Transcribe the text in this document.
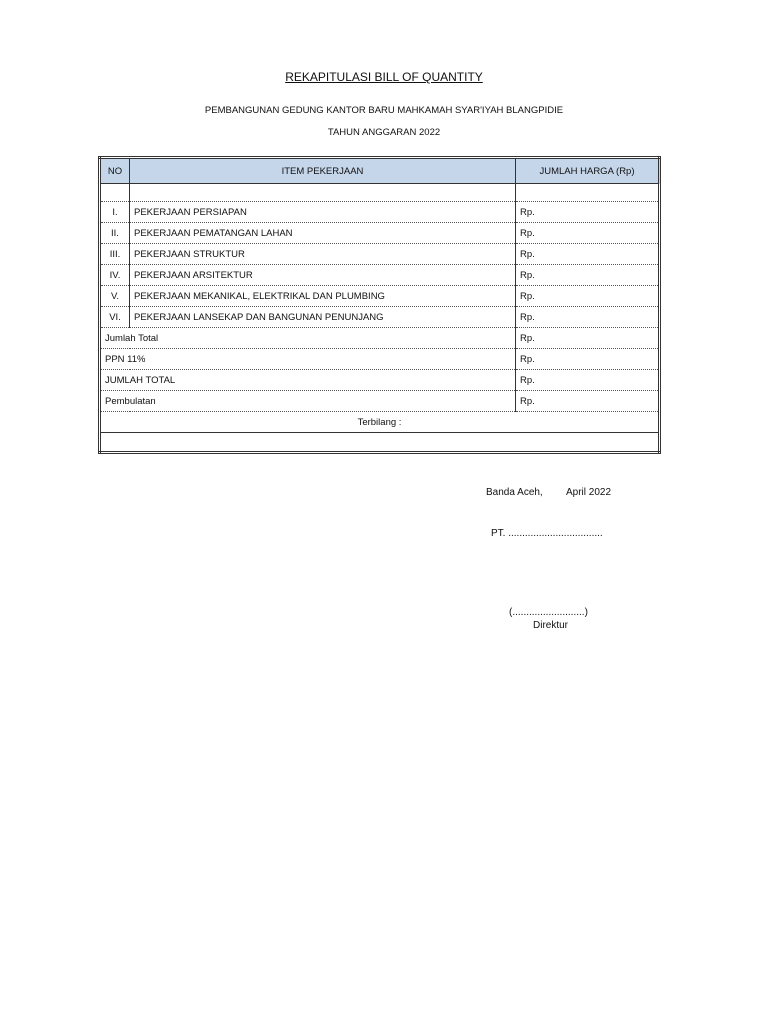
REKAPITULASI BILL OF QUANTITY
PEMBANGUNAN GEDUNG KANTOR BARU MAHKAMAH SYAR'IYAH BLANGPIDIE
TAHUN ANGGARAN 2022
NO	ITEM PEKERJAAN	JUMLAH HARGA (Rp)

I.	PEKERJAAN PERSIAPAN	Rp.
II.	PEKERJAAN PEMATANGAN LAHAN	Rp.
III.	PEKERJAAN STRUKTUR	Rp.
IV.	PEKERJAAN ARSITEKTUR	Rp.
V.	PEKERJAAN MEKANIKAL, ELEKTRIKAL DAN PLUMBING	Rp.
VI.	PEKERJAAN LANSEKAP DAN BANGUNAN PENUNJANG	Rp.
Jumlah Total		Rp.
PPN 11%		Rp.
JUMLAH TOTAL		Rp.
Pembulatan		Rp.
Terbilang :		

Banda Aceh, April 2022
PT. ..................................
(..........................)
Direktur
